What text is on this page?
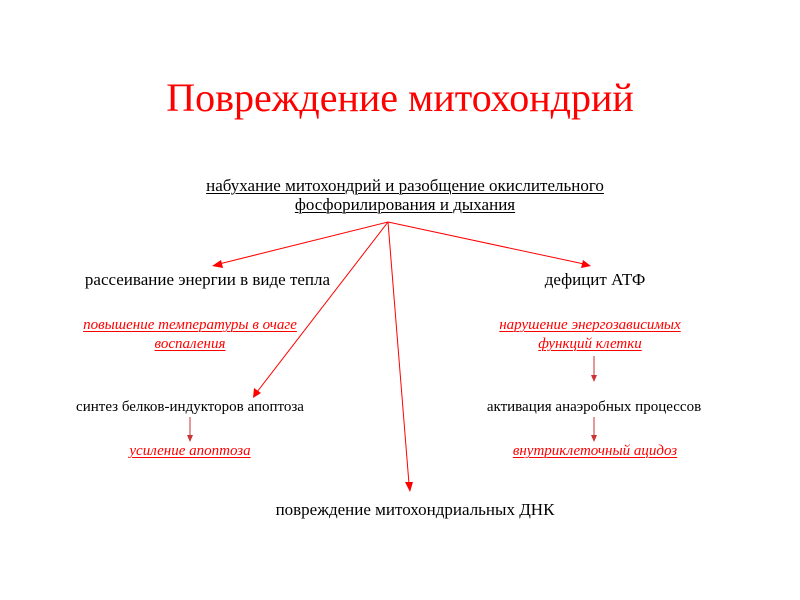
Повреждение митохондрий
набухание митохондрий и разобщение окислительного
фосфорилирования и дыхания
рассеивание энергии в виде тепла	дефицит АТФ
повышение температуры в очаге
воспаления
нарушение энергозависимых
функций клетки
синтез белков-индукторов апоптоза	активация анаэробных процессов
усиление апоптоза	внутриклеточный ацидоз
повреждение митохондриальных ДНК
